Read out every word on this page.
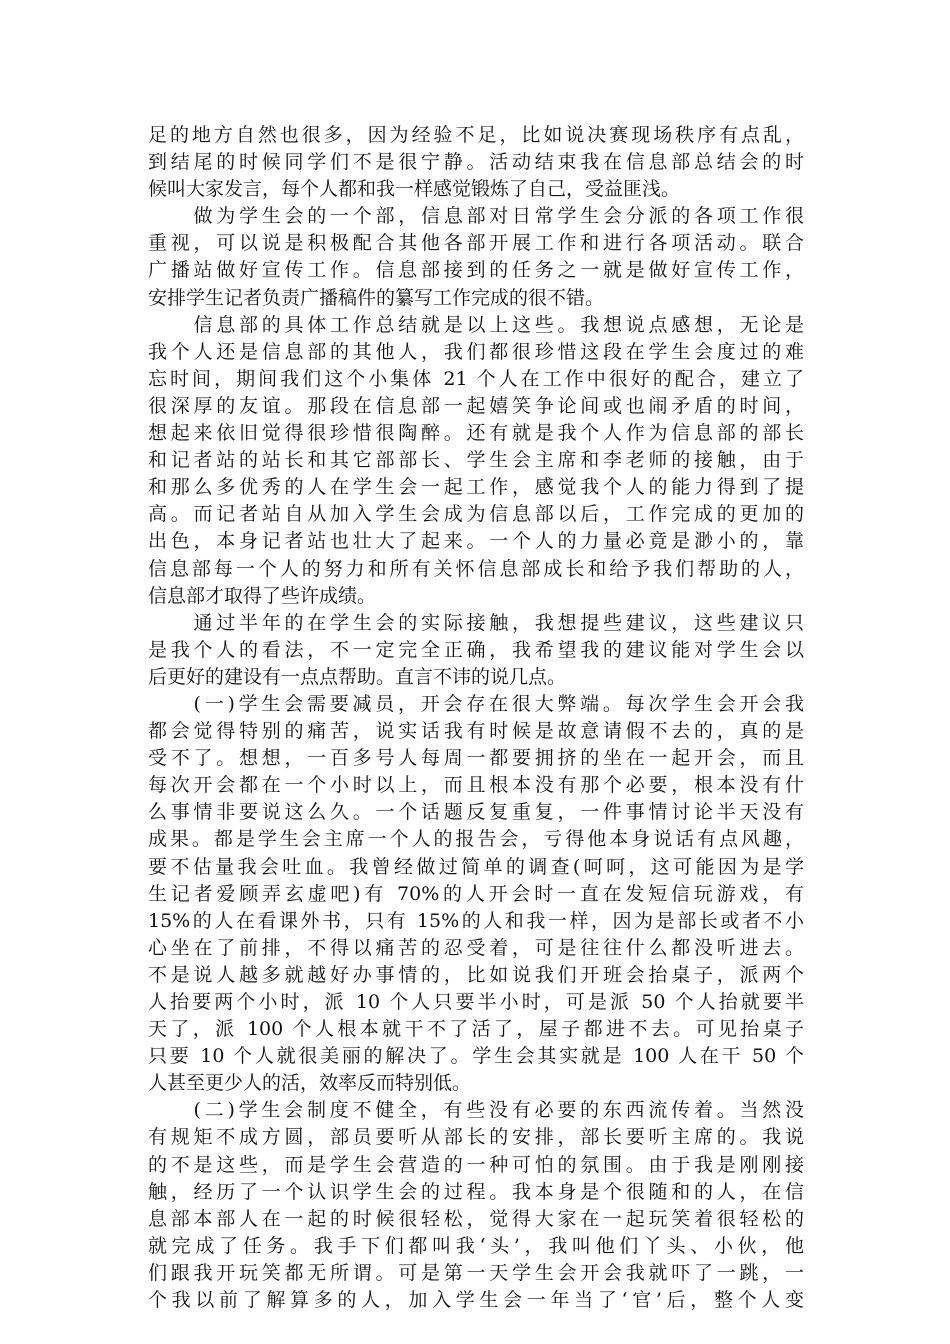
足的地方自然也很多，因为经验不足，比如说决赛现场秩序有点乱，
到结尾的时候同学们不是很宁静。活动结束我在信息部总结会的时
候叫大家发言，每个人都和我一样感觉锻炼了自己，受益匪浅。
　　做为学生会的一个部，信息部对日常学生会分派的各项工作很
重视，可以说是积极配合其他各部开展工作和进行各项活动。联合
广播站做好宣传工作。信息部接到的任务之一就是做好宣传工作，
安排学生记者负责广播稿件的纂写工作完成的很不错。
　　信息部的具体工作总结就是以上这些。我想说点感想，无论是
我个人还是信息部的其他人，我们都很珍惜这段在学生会度过的难
忘时间，期间我们这个小集体 21 个人在工作中很好的配合，建立了
很深厚的友谊。那段在信息部一起嬉笑争论间或也闹矛盾的时间，
想起来依旧觉得很珍惜很陶醉。还有就是我个人作为信息部的部长
和记者站的站长和其它部部长、学生会主席和李老师的接触，由于
和那么多优秀的人在学生会一起工作，感觉我个人的能力得到了提
高。而记者站自从加入学生会成为信息部以后，工作完成的更加的
出色，本身记者站也壮大了起来。一个人的力量必竟是渺小的，靠
信息部每一个人的努力和所有关怀信息部成长和给予我们帮助的人，
信息部才取得了些许成绩。
　　通过半年的在学生会的实际接触，我想提些建议，这些建议只
是我个人的看法，不一定完全正确，我希望我的建议能对学生会以
后更好的建设有一点点帮助。直言不讳的说几点。
　　(一)学生会需要减员，开会存在很大弊端。每次学生会开会我
都会觉得特别的痛苦，说实话我有时候是故意请假不去的，真的是
受不了。想想，一百多号人每周一都要拥挤的坐在一起开会，而且
每次开会都在一个小时以上，而且根本没有那个必要，根本没有什
么事情非要说这么久。一个话题反复重复，一件事情讨论半天没有
成果。都是学生会主席一个人的报告会，亏得他本身说话有点风趣，
要不估量我会吐血。我曾经做过简单的调查(呵呵，这可能因为是学
生记者爱顾弄玄虚吧)有 70%的人开会时一直在发短信玩游戏，有
15%的人在看课外书，只有 15%的人和我一样，因为是部长或者不小
心坐在了前排，不得以痛苦的忍受着，可是往往什么都没听进去。
不是说人越多就越好办事情的，比如说我们开班会抬桌子，派两个
人抬要两个小时，派 10 个人只要半小时，可是派 50 个人抬就要半
天了，派 100 个人根本就干不了活了，屋子都进不去。可见抬桌子
只要 10 个人就很美丽的解决了。学生会其实就是 100 人在干 50 个
人甚至更少人的活，效率反而特别低。
　　(二)学生会制度不健全，有些没有必要的东西流传着。当然没
有规矩不成方圆，部员要听从部长的安排，部长要听主席的。我说
的不是这些，而是学生会营造的一种可怕的氛围。由于我是刚刚接
触，经历了一个认识学生会的过程。我本身是个很随和的人，在信
息部本部人在一起的时候很轻松，觉得大家在一起玩笑着很轻松的
就完成了任务。我手下们都叫我‘头’，我叫他们丫头、小伙，他
们跟我开玩笑都无所谓。可是第一天学生会开会我就吓了一跳，一
个我以前了解算多的人，加入学生会一年当了‘官’后，整个人变
